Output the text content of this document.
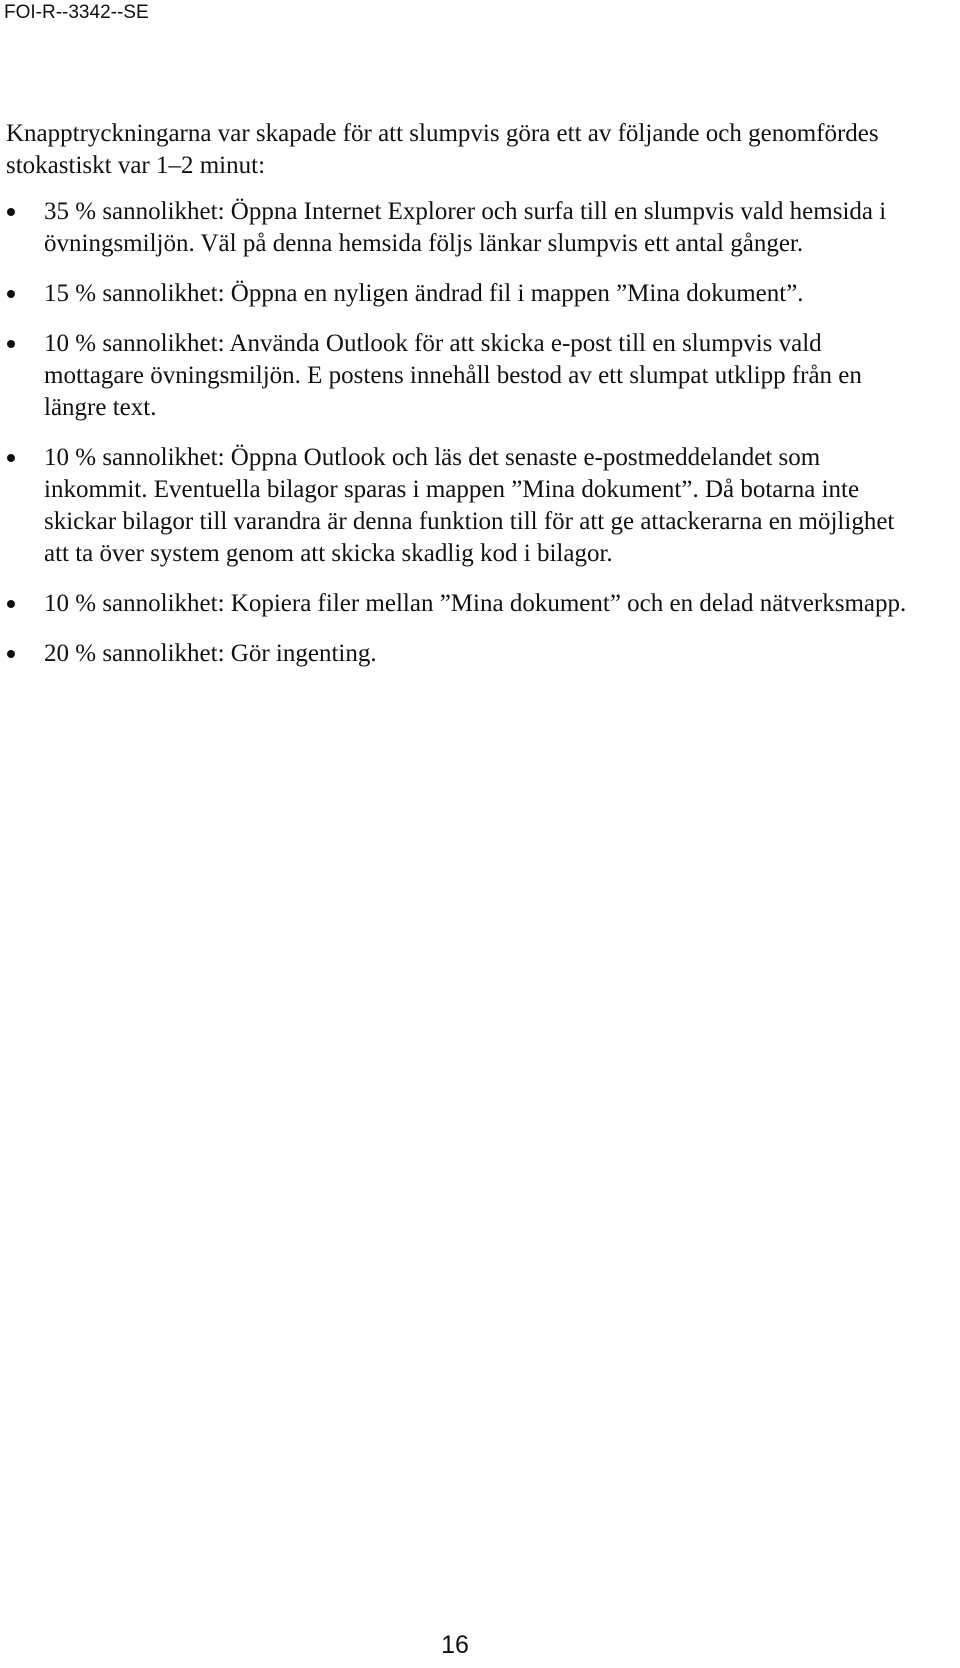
FOI-R--3342--SE

Knapptryckningarna var skapade för att slumpvis göra ett av följande och genomfördes stokastiskt var 1–2 minut:

35 % sannolikhet: Öppna Internet Explorer och surfa till en slumpvis vald hemsida i övningsmiljön. Väl på denna hemsida följs länkar slumpvis ett antal gånger.
15 % sannolikhet: Öppna en nyligen ändrad fil i mappen ”Mina dokument”.
10 % sannolikhet: Använda Outlook för att skicka e-post till en slumpvis vald mottagare övningsmiljön. E postens innehåll bestod av ett slumpat utklipp från en längre text.
10 % sannolikhet: Öppna Outlook och läs det senaste e-postmeddelandet som inkommit. Eventuella bilagor sparas i mappen ”Mina dokument”. Då botarna inte skickar bilagor till varandra är denna funktion till för att ge attackerarna en möjlighet att ta över system genom att skicka skadlig kod i bilagor.
10 % sannolikhet: Kopiera filer mellan ”Mina dokument” och en delad nätverksmapp.
20 % sannolikhet: Gör ingenting.
16
